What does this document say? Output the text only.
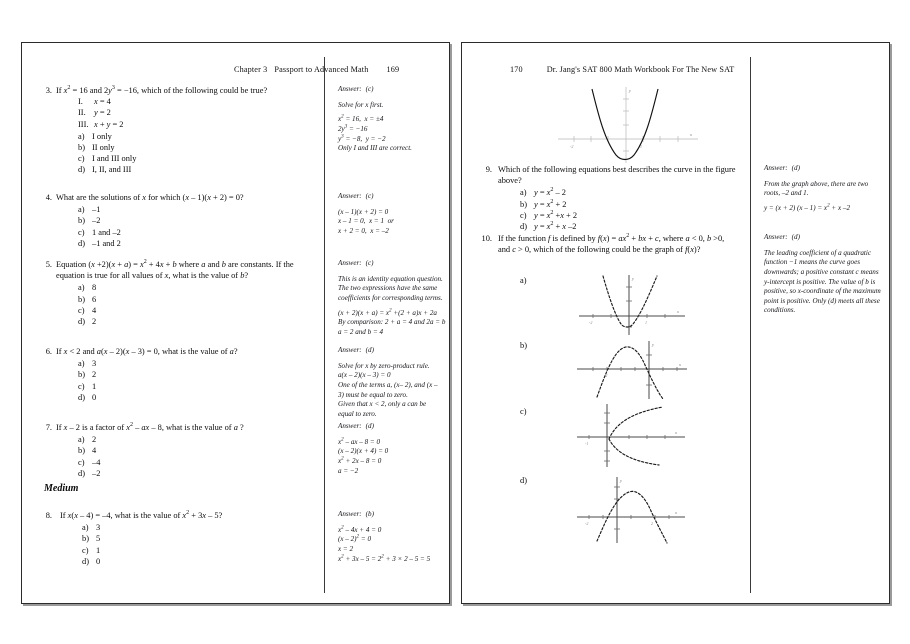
Chapter 3 Passport to Advanced Math 169
3. If $x^2 = 16$ and $2y^3 = -16$, which of the following could be true?

I. x = 4
II. y = 2
III. x + y = 2
a) I only
b) II only
c) I and III only
d) I, II, and III

Answer: (c)

Solve for x first.

$x^2 = 16$,  x = ±4
$2y^3 = -16$
$y^3 = -8$,  y = −2
Only I and III are correct.
4. What are the solutions of x for which (x – 1)(x + 2) = 0?

a) –1
b) –2
c) 1 and –2
d) –1 and 2

Answer: (c)

(x – 1)(x + 2) = 0
x – 1 = 0,  x = 1  or
x + 2 = 0,  x = –2
5. Equation $(x +2)(x + a) = x^2 + 4x + b$ where a and b are constants. If the equation is true for all values of x, what is the value of b?

a) 8
b) 6
c) 4
d) 2

Answer: (c)

This is an identity equation question. The two expressions have the same coefficients for corresponding terms.

$(x + 2)(x + a) = x^2 +(2 + a)x + 2a$
By comparison: 2 + a = 4 and 2a = b
a = 2 and b = 4
6. If x < 2 and a(x – 2)(x – 3) = 0, what is the value of a?

a) 3
b) 2
c) 1
d) 0

Answer: (d)

Solve for x by zero-product rule.
a(x – 2)(x – 3) = 0
One of the terms a, (x– 2), and (x –
3) must be equal to zero.
Given that x < 2, only a can be
equal to zero.
7. If x – 2 is a factor of $x^2$ – ax – 8, what is the value of a ?

a) 2
b) 4
c) –4
d) –2

Answer: (d)

$x^2$ – ax – 8 = 0
(x – 2)(x + 4) = 0
$x^2 + 2x - 8 = 0$
a = −2
Medium
8. If x(x – 4) = –4, what is the value of $x^2 + 3x - 5$?

a) 3
b) 5
c) 1
d) 0

Answer: (b)

$x^2 - 4x + 4 = 0$
(x – 2)$^2$ = 0
x = 2
$x^2 + 3x - 5 = 2^2 + 3 \times 2 - 5 = 5$
170	Dr. Jang's SAT 800 Math Workbook For The New SAT
-2	1
x
y
9. Which of the following equations best describes the curve in the figure above?

a) $y = x^2 - 2$
b) $y = x^2 + 2$
c) $y = x^2 +x + 2$
d) $y = x^2 + x$ –2

Answer: (d)

From the graph above, there are two roots, –2 and 1.

y = (x + 2) $(x - 1) = x^2 + x$ –2
10. If the function f is defined by $f(x) = ax^2$ + bx + c, where a < 0, b >0, and c > 0, which of the following could be the graph of f(x)?

Answer: (d)

The leading coefficient of a quadratic function −1 means the curve goes downwards; a positive constant c means y-intercept is positive. The value of b is positive, so x-coordinate of the maximum point is positive. Only (d) meets all these conditions.

a)
-2	1
x
y
b)
-2
x
y
c)
-1
x
d)
-2	2
x
y
